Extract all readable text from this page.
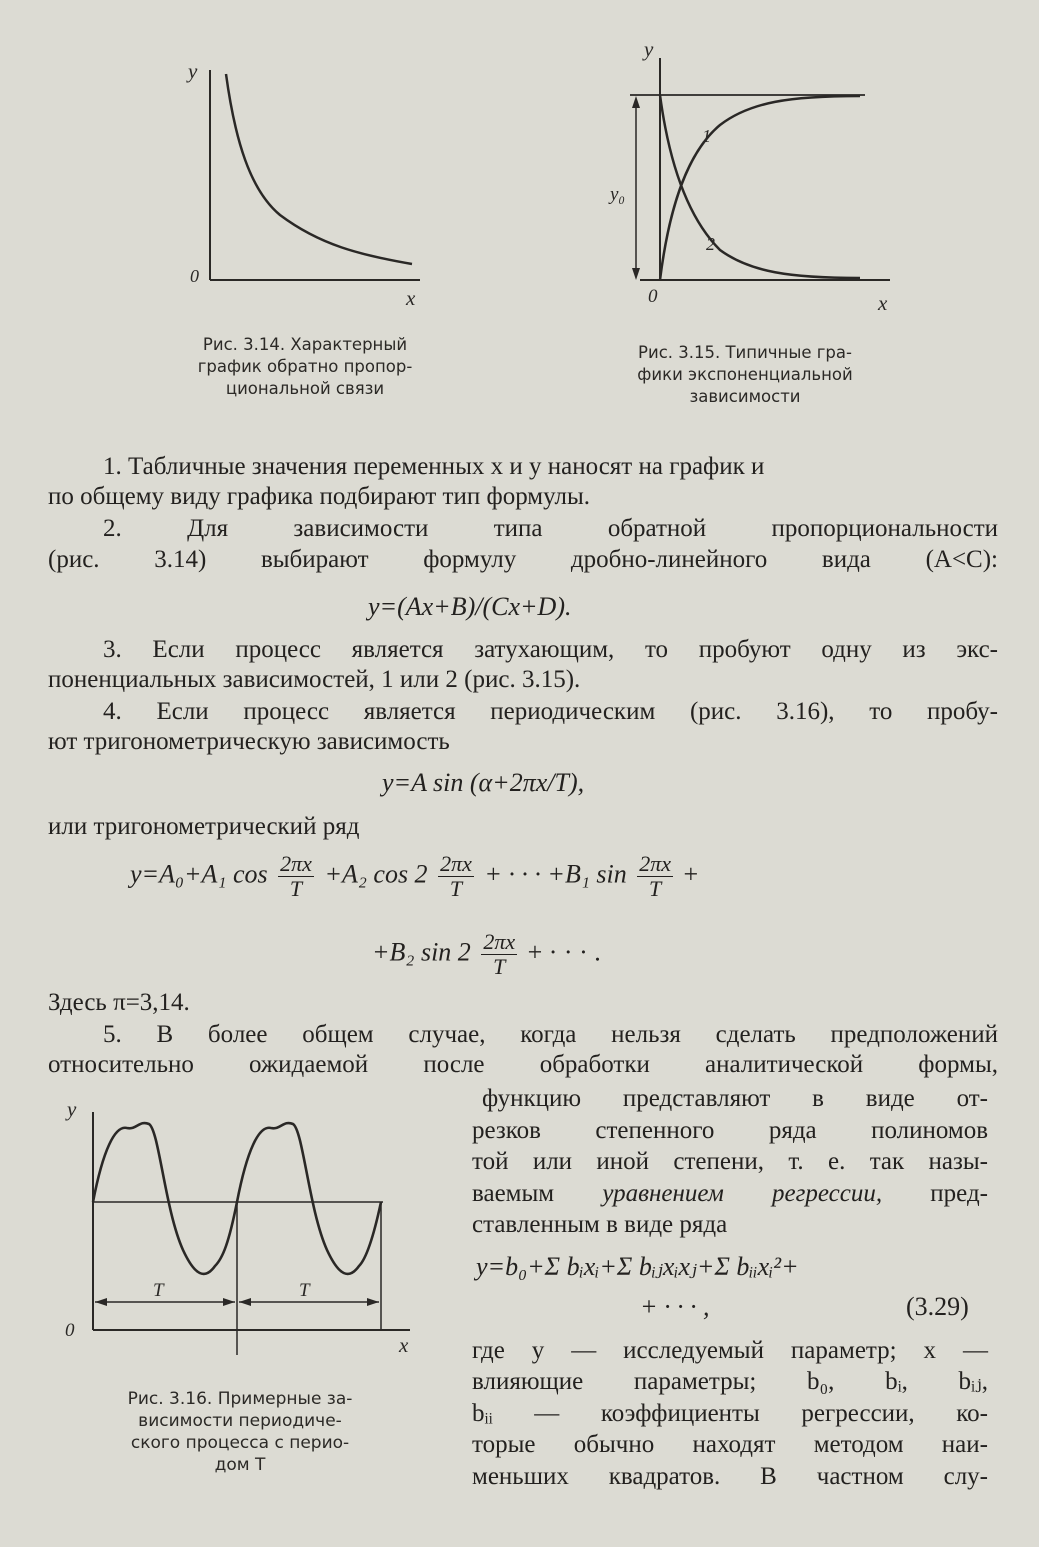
y
0
x
Рис. 3.14. Характерный
график обратно пропор-
циональной связи
y
y₀
1
2
0	x
Рис. 3.15. Типичные гра-
фики экспоненциальной
зависимости

1. Табличные значения переменных x и y наносят на график и

по общему виду графика подбирают тип формулы.

2. Для зависимости типа обратной пропорциональности

(рис. 3.14) выбирают формулу дробно-линейного вида (A<C):

y=(Ax+B)/(Cx+D).

3. Если процесс является затухающим, то пробуют одну из экс-

поненциальных зависимостей, 1 или 2 (рис. 3.15).

4. Если процесс является периодическим (рис. 3.16), то пробу-

ют тригонометрическую зависимость

y=A sin (α+2πx/T),

или тригонометрический ряд

y=A₀+A₁ $\cos \frac{2\pi x}{T} +A_2$ $\cos 2 \frac{2\pi x}{T}$ + · · · +B₁ $\sin \frac{2\pi x}{T}$ +
+B₂ $\sin 2 \frac{2\pi x}{T}$ + · · · .

Здесь π=3,14.

5. В более общем случае, когда нельзя сделать предположений

относительно ожидаемой после обработки аналитической формы,

функцию представляют в виде от-

резков степенного ряда полиномов

той или иной степени, т. е. так назы-

ваемым уравнением регрессии, пред-

ставленным в виде ряда

y=b₀+Σ bᵢxᵢ+Σ bᵢⱼxᵢxⱼ+Σ bᵢᵢxᵢ²+
+ · · · ,	(3.29)

где y — исследуемый параметр; x —

влияющие параметры; b₀, bᵢ, bᵢⱼ,

bᵢᵢ — коэффициенты регрессии, ко-

торые обычно находят методом наи-

меньших квадратов. В частном слу-

T	T
y
0
x
Рис. 3.16. Примерные за-
висимости периодиче-
ского процесса с перио-
дом T
